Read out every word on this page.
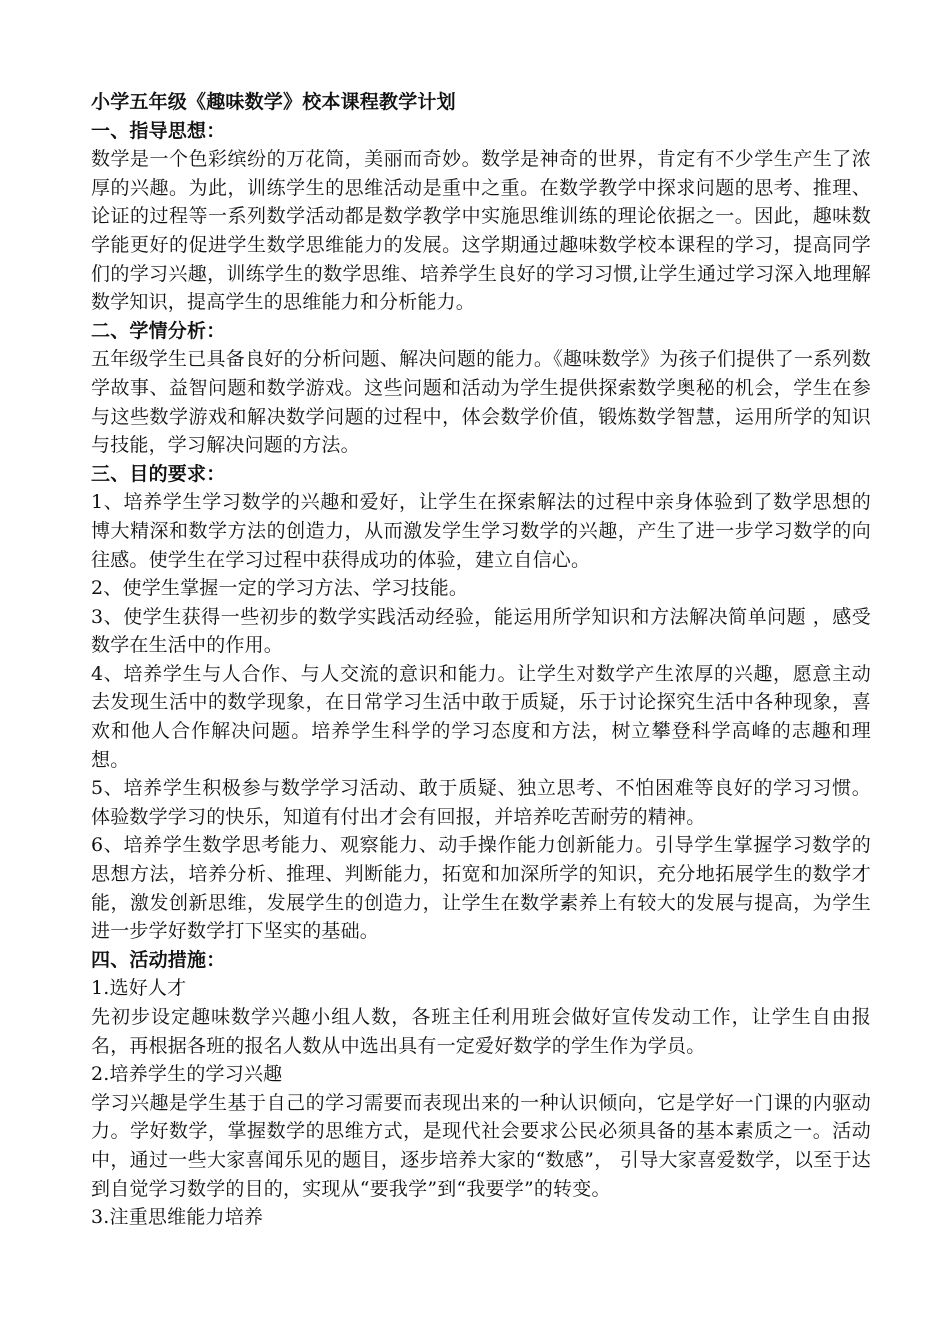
小学五年级《趣味数学》校本课程教学计划

一、指导思想：

数学是一个色彩缤纷的万花筒，美丽而奇妙。数学是神奇的世界，肯定有不少学生产生了浓厚的兴趣。为此，训练学生的思维活动是重中之重。在数学教学中探求问题的思考、推理、论证的过程等一系列数学活动都是数学教学中实施思维训练的理论依据之一。因此，趣味数学能更好的促进学生数学思维能力的发展。这学期通过趣味数学校本课程的学习，提高同学们的学习兴趣，训练学生的数学思维、培养学生良好的学习习惯,让学生通过学习深入地理解数学知识，提高学生的思维能力和分析能力。

二、学情分析：

五年级学生已具备良好的分析问题、解决问题的能力。《趣味数学》为孩子们提供了一系列数学故事、益智问题和数学游戏。这些问题和活动为学生提供探索数学奥秘的机会，学生在参与这些数学游戏和解决数学问题的过程中，体会数学价值，锻炼数学智慧，运用所学的知识与技能，学习解决问题的方法。

三、目的要求：

1、培养学生学习数学的兴趣和爱好，让学生在探索解法的过程中亲身体验到了数学思想的博大精深和数学方法的创造力，从而激发学生学习数学的兴趣，产生了进一步学习数学的向往感。使学生在学习过程中获得成功的体验，建立自信心。

2、使学生掌握一定的学习方法、学习技能。

3、使学生获得一些初步的数学实践活动经验，能运用所学知识和方法解决简单问题 ，感受数学在生活中的作用。

4、培养学生与人合作、与人交流的意识和能力。让学生对数学产生浓厚的兴趣，愿意主动去发现生活中的数学现象，在日常学习生活中敢于质疑，乐于讨论探究生活中各种现象，喜欢和他人合作解决问题。培养学生科学的学习态度和方法，树立攀登科学高峰的志趣和理想。

5、培养学生积极参与数学学习活动、敢于质疑、独立思考、不怕困难等良好的学习习惯。体验数学学习的快乐，知道有付出才会有回报，并培养吃苦耐劳的精神。

6、培养学生数学思考能力、观察能力、动手操作能力创新能力。引导学生掌握学习数学的思想方法，培养分析、推理、判断能力，拓宽和加深所学的知识，充分地拓展学生的数学才能，激发创新思维，发展学生的创造力，让学生在数学素养上有较大的发展与提高，为学生进一步学好数学打下坚实的基础。

四、活动措施：

1.选好人才

先初步设定趣味数学兴趣小组人数，各班主任利用班会做好宣传发动工作，让学生自由报名，再根据各班的报名人数从中选出具有一定爱好数学的学生作为学员。

2.培养学生的学习兴趣

学习兴趣是学生基于自己的学习需要而表现出来的一种认识倾向，它是学好一门课的内驱动力。学好数学，掌握数学的思维方式，是现代社会要求公民必须具备的基本素质之一。活动中，通过一些大家喜闻乐见的题目，逐步培养大家的“数感”， 引导大家喜爱数学，以至于达到自觉学习数学的目的，实现从“要我学”到“我要学”的转变。

3.注重思维能力培养
